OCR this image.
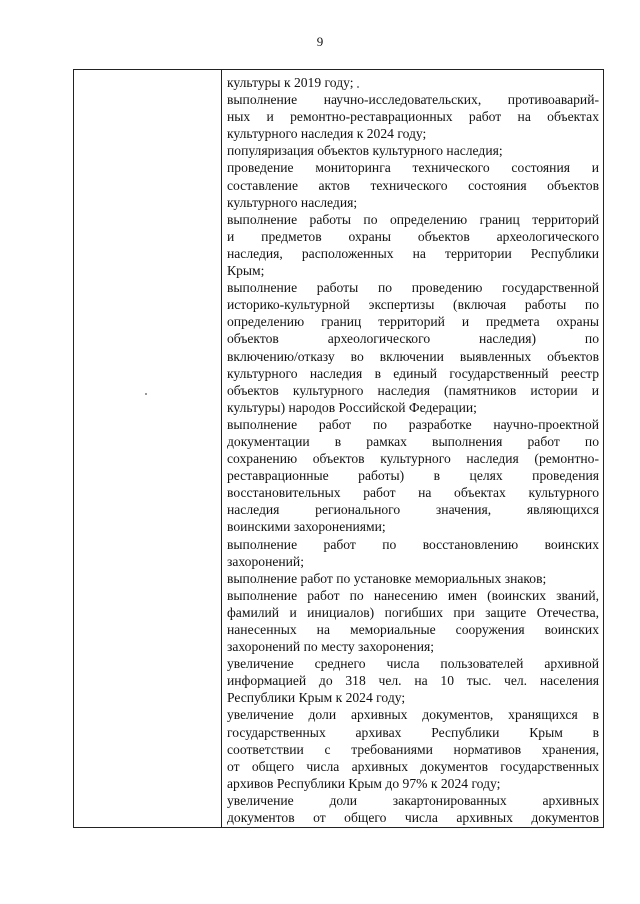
9
культуры к 2019 году;
выполнение научно-исследовательских, противоаварий-
ных и ремонтно-реставрационных работ на объектах
культурного наследия к 2024 году;
популяризация объектов культурного наследия;
проведение мониторинга технического состояния и
составление актов технического состояния объектов
культурного наследия;
выполнение работы по определению границ территорий
и предметов охраны объектов археологического
наследия, расположенных на территории Республики
Крым;
выполнение работы по проведению государственной
историко-культурной экспертизы (включая работы по
определению границ территорий и предмета охраны
объектов археологического наследия) по
включению/отказу во включении выявленных объектов
культурного наследия в единый государственный реестр
объектов культурного наследия (памятников истории и
культуры) народов Российской Федерации;
выполнение работ по разработке научно-проектной
документации в рамках выполнения работ по
сохранению объектов культурного наследия (ремонтно-
реставрационные работы) в целях проведения
восстановительных работ на объектах культурного
наследия регионального значения, являющихся
воинскими захоронениями;
выполнение работ по восстановлению воинских
захоронений;
выполнение работ по установке мемориальных знаков;
выполнение работ по нанесению имен (воинских званий,
фамилий и инициалов) погибших при защите Отечества,
нанесенных на мемориальные сооружения воинских
захоронений по месту захоронения;
увеличение среднего числа пользователей архивной
информацией до 318 чел. на 10 тыс. чел. населения
Республики Крым к 2024 году;
увеличение доли архивных документов, хранящихся в
государственных архивах Республики Крым в
соответствии с требованиями нормативов хранения,
от общего числа архивных документов государственных
архивов Республики Крым до 97% к 2024 году;
увеличение доли закартонированных архивных
документов от общего числа архивных документов
